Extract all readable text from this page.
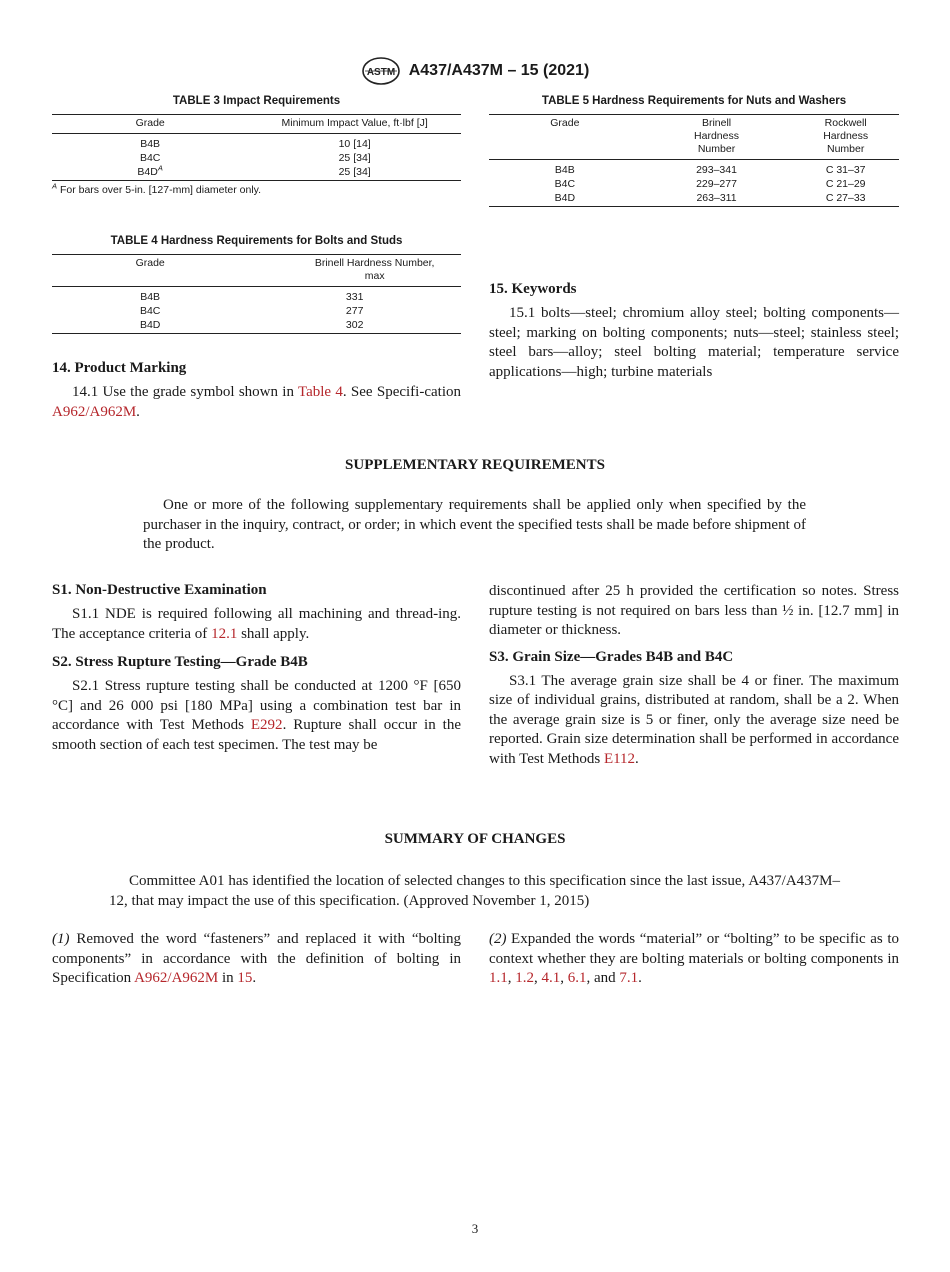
ASTM A437/A437M – 15 (2021)
TABLE 3 Impact Requirements
Grade	Minimum Impact Value, ft·lbf [J]
B4B	10 [14]
B4C	25 [34]
$B4D^A$	25 [34]
$^A$ For bars over 5-in. [127-mm] diameter only.
TABLE 4 Hardness Requirements for Bolts and Studs
Grade	Brinell Hardness Number, max
B4B	331
B4C	277
B4D	302
TABLE 5 Hardness Requirements for Nuts and Washers
Grade	Brinell Hardness Number	Rockwell Hardness Number
B4B	293–341	C 31–37
B4C	229–277	C 21–29
B4D	263–311	C 27–33
14. Product Marking

14.1 Use the grade symbol shown in Table 4. See Specifi-cation A962/A962M.

15. Keywords

15.1 bolts—steel; chromium alloy steel; bolting components—steel; marking on bolting components; nuts—steel; stainless steel; steel bars—alloy; steel bolting material; temperature service applications—high; turbine materials

SUPPLEMENTARY REQUIREMENTS

One or more of the following supplementary requirements shall be applied only when specified by the purchaser in the inquiry, contract, or order; in which event the specified tests shall be made before shipment of the product.

S1. Non-Destructive Examination

S1.1 NDE is required following all machining and thread-ing. The acceptance criteria of 12.1 shall apply.

S2. Stress Rupture Testing—Grade B4B

S2.1 Stress rupture testing shall be conducted at 1200 °F [650 °C] and 26 000 psi [180 MPa] using a combination test bar in accordance with Test Methods E292. Rupture shall occur in the smooth section of each test specimen. The test may be

discontinued after 25 h provided the certification so notes. Stress rupture testing is not required on bars less than ½ in. [12.7 mm] in diameter or thickness.

S3. Grain Size—Grades B4B and B4C

S3.1 The average grain size shall be 4 or finer. The maximum size of individual grains, distributed at random, shall be a 2. When the average grain size is 5 or finer, only the average size need be reported. Grain size determination shall be performed in accordance with Test Methods E112.

SUMMARY OF CHANGES

Committee A01 has identified the location of selected changes to this specification since the last issue, A437/A437M–12, that may impact the use of this specification. (Approved November 1, 2015)

(1) Removed the word “fasteners” and replaced it with “bolting components” in accordance with the definition of bolting in Specification A962/A962M in 15.

(2) Expanded the words “material” or “bolting” to be specific as to context whether they are bolting materials or bolting components in 1.1, 1.2, 4.1, 6.1, and 7.1.

3
